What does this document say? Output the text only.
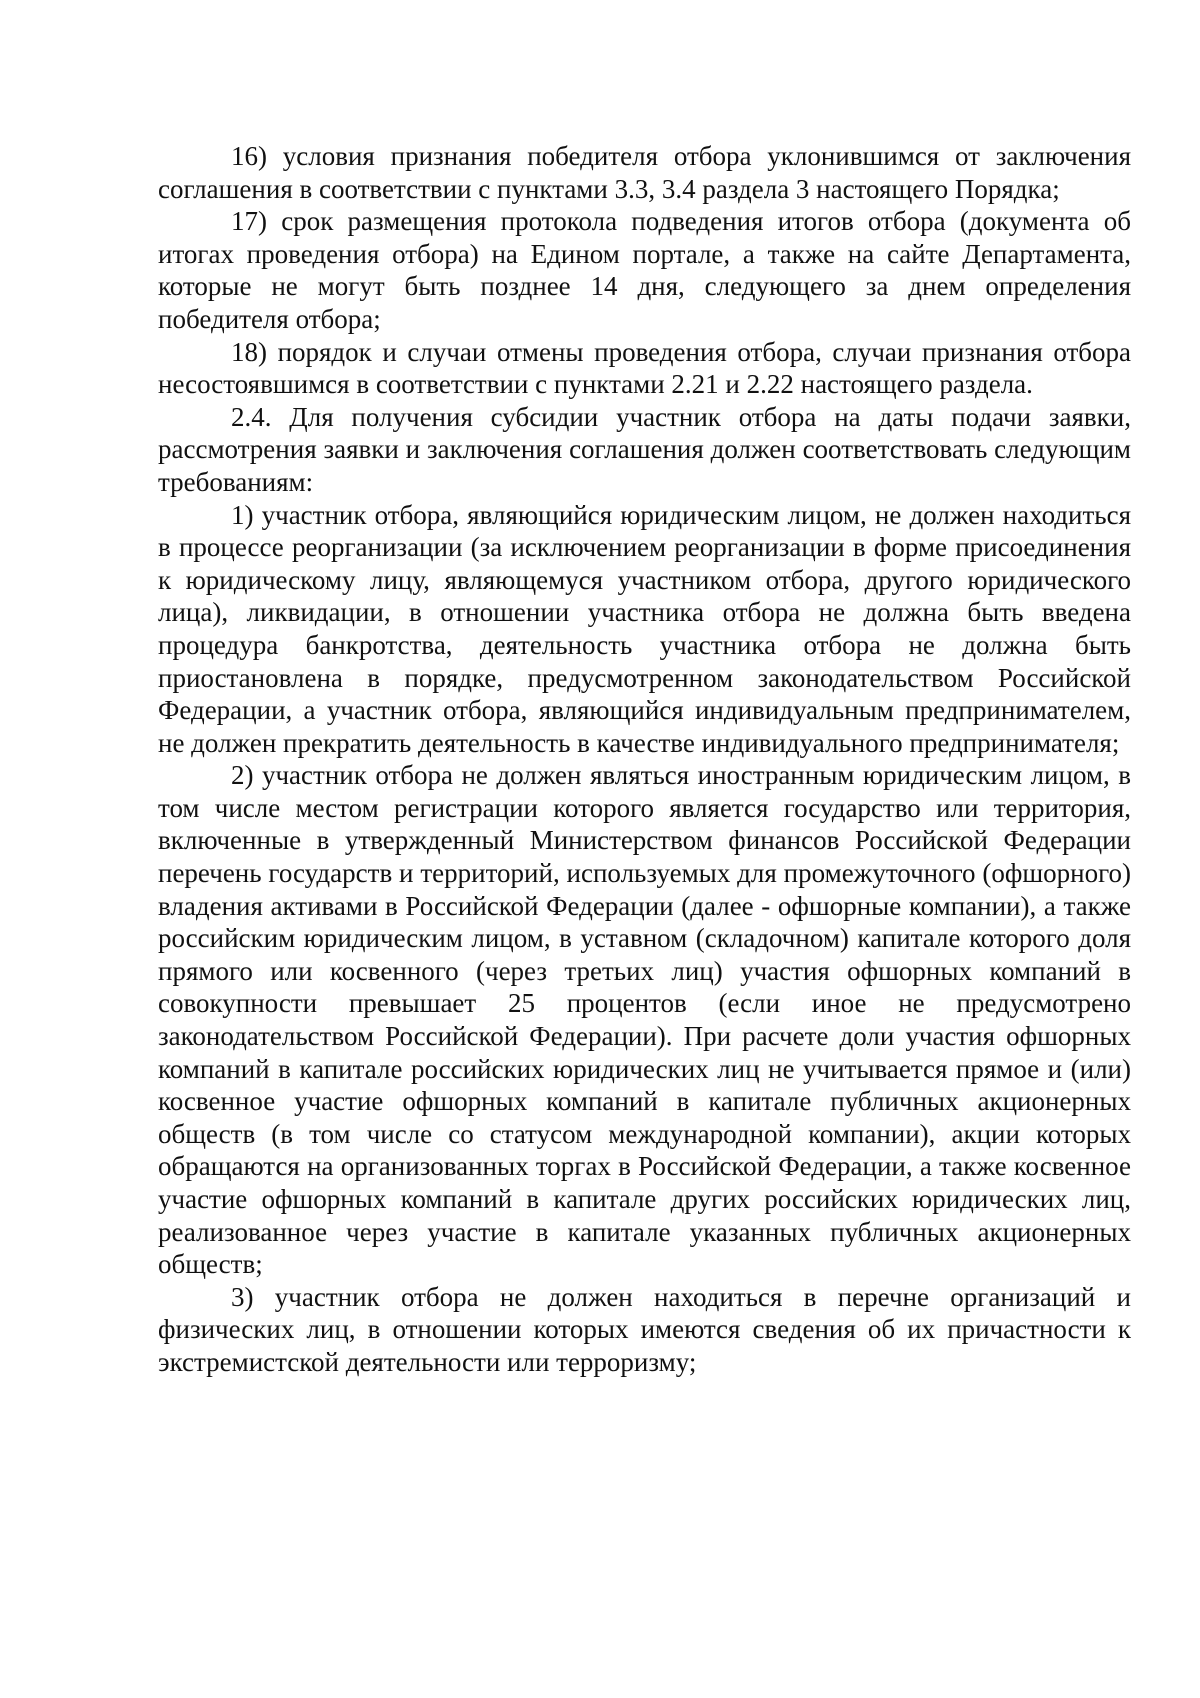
16) условия признания победителя отбора уклонившимся от заключения соглашения в соответствии с пунктами 3.3, 3.4 раздела 3 настоящего Порядка;

17) срок размещения протокола подведения итогов отбора (документа об итогах проведения отбора) на Едином портале, а также на сайте Департамента, которые не могут быть позднее 14 дня, следующего за днем определения победителя отбора;

18) порядок и случаи отмены проведения отбора, случаи признания отбора несостоявшимся в соответствии с пунктами 2.21 и 2.22 настоящего раздела.

2.4. Для получения субсидии участник отбора на даты подачи заявки, рассмотрения заявки и заключения соглашения должен соответствовать следующим требованиям:

1) участник отбора, являющийся юридическим лицом, не должен находиться в процессе реорганизации (за исключением реорганизации в форме присоединения к юридическому лицу, являющемуся участником отбора, другого юридического лица), ликвидации, в отношении участника отбора не должна быть введена процедура банкротства, деятельность участника отбора не должна быть приостановлена в порядке, предусмотренном законодательством Российской Федерации, а участник отбора, являющийся индивидуальным предпринимателем, не должен прекратить деятельность в качестве индивидуального предпринимателя;

2) участник отбора не должен являться иностранным юридическим лицом, в том числе местом регистрации которого является государство или территория, включенные в утвержденный Министерством финансов Российской Федерации перечень государств и территорий, используемых для промежуточного (офшорного) владения активами в Российской Федерации (далее - офшорные компании), а также российским юридическим лицом, в уставном (складочном) капитале которого доля прямого или косвенного (через третьих лиц) участия офшорных компаний в совокупности превышает 25 процентов (если иное не предусмотрено законодательством Российской Федерации). При расчете доли участия офшорных компаний в капитале российских юридических лиц не учитывается прямое и (или) косвенное участие офшорных компаний в капитале публичных акционерных обществ (в том числе со статусом международной компании), акции которых обращаются на организованных торгах в Российской Федерации, а также косвенное участие офшорных компаний в капитале других российских юридических лиц, реализованное через участие в капитале указанных публичных акционерных обществ;

3) участник отбора не должен находиться в перечне организаций и физических лиц, в отношении которых имеются сведения об их причастности к экстремистской деятельности или терроризму;
